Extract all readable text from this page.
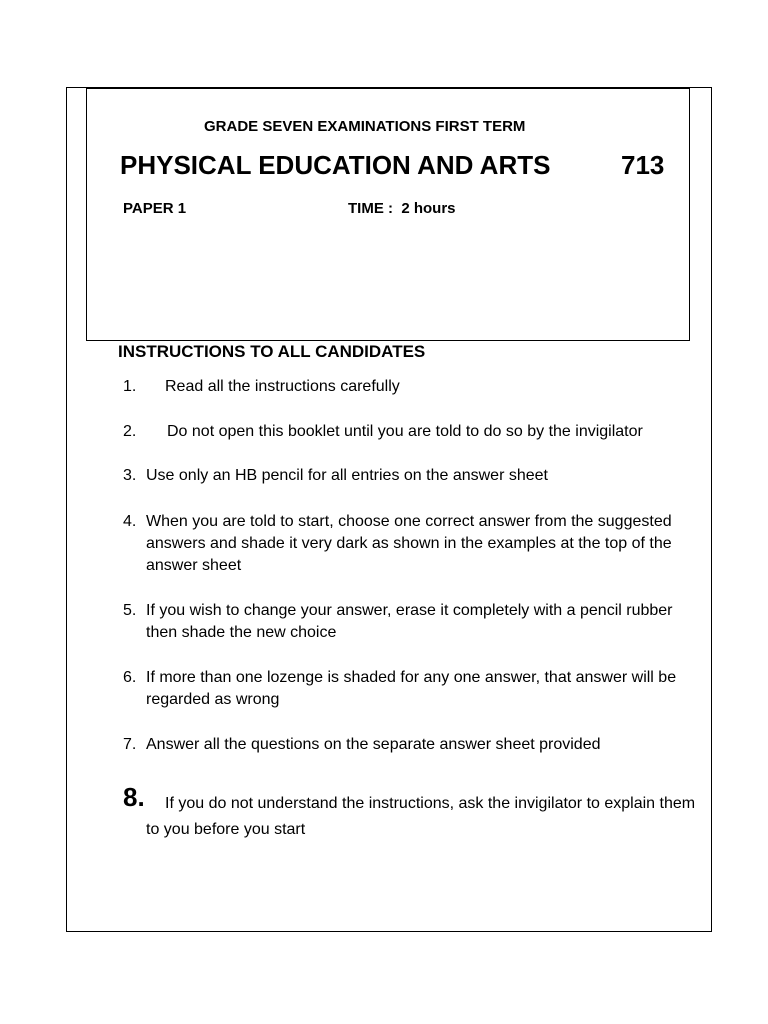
GRADE SEVEN EXAMINATIONS FIRST TERM
PHYSICAL EDUCATION AND ARTS	713
PAPER 1	TIME :  2 hours
INSTRUCTIONS TO ALL CANDIDATES
1.	Read all the instructions carefully
2.	Do not open this booklet until you are told to do so by the invigilator
3. Use only an HB pencil for all entries on the answer sheet
4. When you are told to start, choose one correct answer from the suggested answers and shade it very dark as shown in the examples at the top of the answer sheet
5. If you wish to change your answer, erase it completely with a pencil rubber then shade the new choice
6. If more than one lozenge is shaded for any one answer, that answer will be regarded as wrong
7. Answer all the questions on the separate answer sheet provided
8.	If you do not understand the instructions, ask the invigilator to explain them to you before you start
